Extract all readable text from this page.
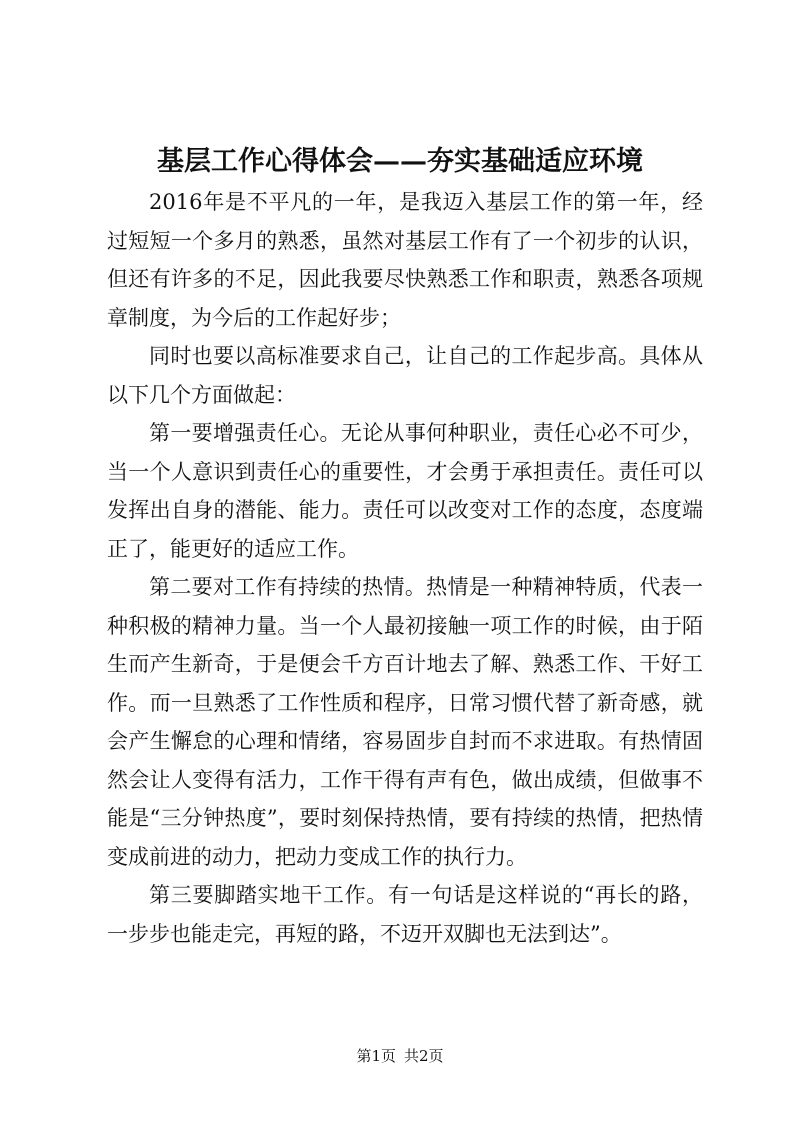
基层工作心得体会——夯实基础适应环境

2016年是不平凡的一年，是我迈入基层工作的第一年，经过短短一个多月的熟悉，虽然对基层工作有了一个初步的认识，但还有许多的不足，因此我要尽快熟悉工作和职责，熟悉各项规章制度，为今后的工作起好步；

同时也要以高标准要求自己，让自己的工作起步高。具体从以下几个方面做起：

第一要增强责任心。无论从事何种职业，责任心必不可少，当一个人意识到责任心的重要性，才会勇于承担责任。责任可以发挥出自身的潜能、能力。责任可以改变对工作的态度，态度端正了，能更好的适应工作。

第二要对工作有持续的热情。热情是一种精神特质，代表一种积极的精神力量。当一个人最初接触一项工作的时候，由于陌生而产生新奇，于是便会千方百计地去了解、熟悉工作、干好工作。而一旦熟悉了工作性质和程序，日常习惯代替了新奇感，就会产生懈怠的心理和情绪，容易固步自封而不求进取。有热情固然会让人变得有活力，工作干得有声有色，做出成绩，但做事不能是“三分钟热度”，要时刻保持热情，要有持续的热情，把热情变成前进的动力，把动力变成工作的执行力。

第三要脚踏实地干工作。有一句话是这样说的“再长的路，一步步也能走完，再短的路，不迈开双脚也无法到达”。

第1页 共2页
